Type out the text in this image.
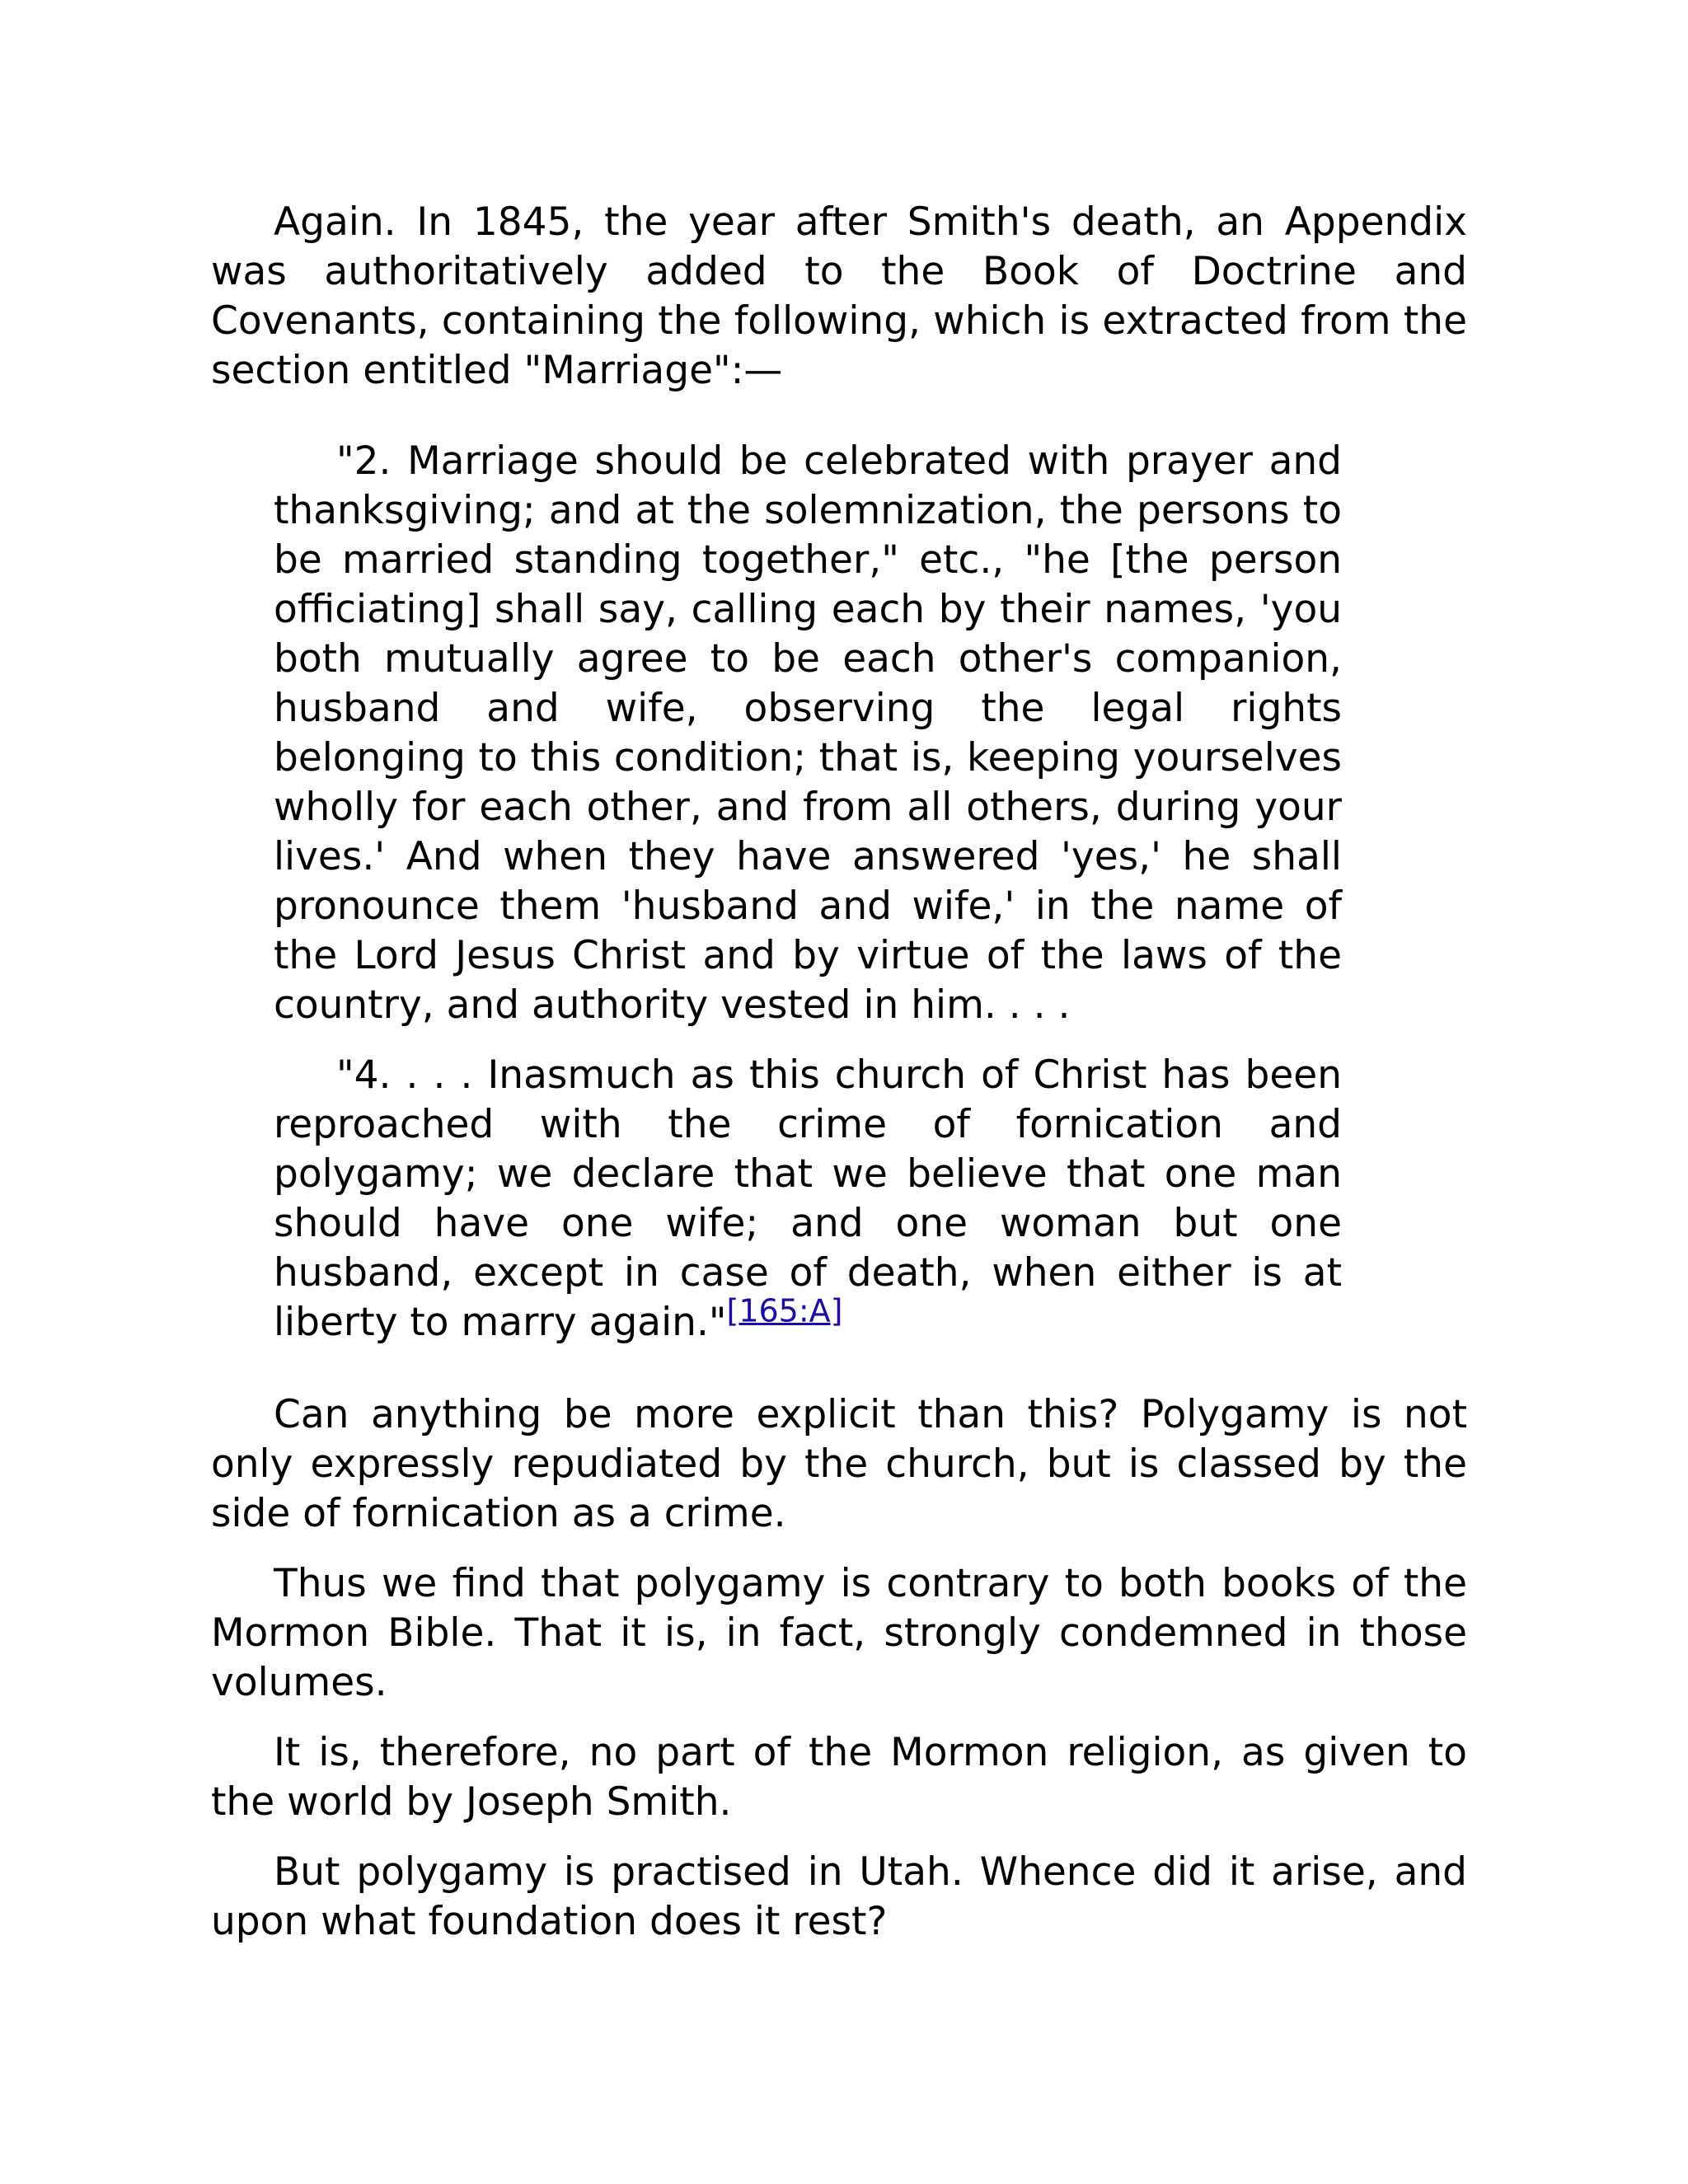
Again. In 1845, the year after Smith's death, an Appendix was authoritatively added to the Book of Doctrine and Covenants, containing the following, which is extracted from the section entitled "Marriage":—

"2. Marriage should be celebrated with prayer and thanksgiving; and at the solemnization, the persons to be married standing together," etc., "he [the person officiating] shall say, calling each by their names, 'you both mutually agree to be each other's companion, husband and wife, observing the legal rights belonging to this condition; that is, keeping yourselves wholly for each other, and from all others, during your lives.' And when they have answered 'yes,' he shall pronounce them 'husband and wife,' in the name of the Lord Jesus Christ and by virtue of the laws of the country, and authority vested in him. . . .

"4. . . . Inasmuch as this church of Christ has been reproached with the crime of fornication and polygamy; we declare that we believe that one man should have one wife; and one woman but one husband, except in case of death, when either is at liberty to marry again."[165:A]

Can anything be more explicit than this? Polygamy is not only expressly repudiated by the church, but is classed by the side of fornication as a crime.

Thus we find that polygamy is contrary to both books of the Mormon Bible. That it is, in fact, strongly condemned in those volumes.

It is, therefore, no part of the Mormon religion, as given to the world by Joseph Smith.

But polygamy is practised in Utah. Whence did it arise, and upon what foundation does it rest?
